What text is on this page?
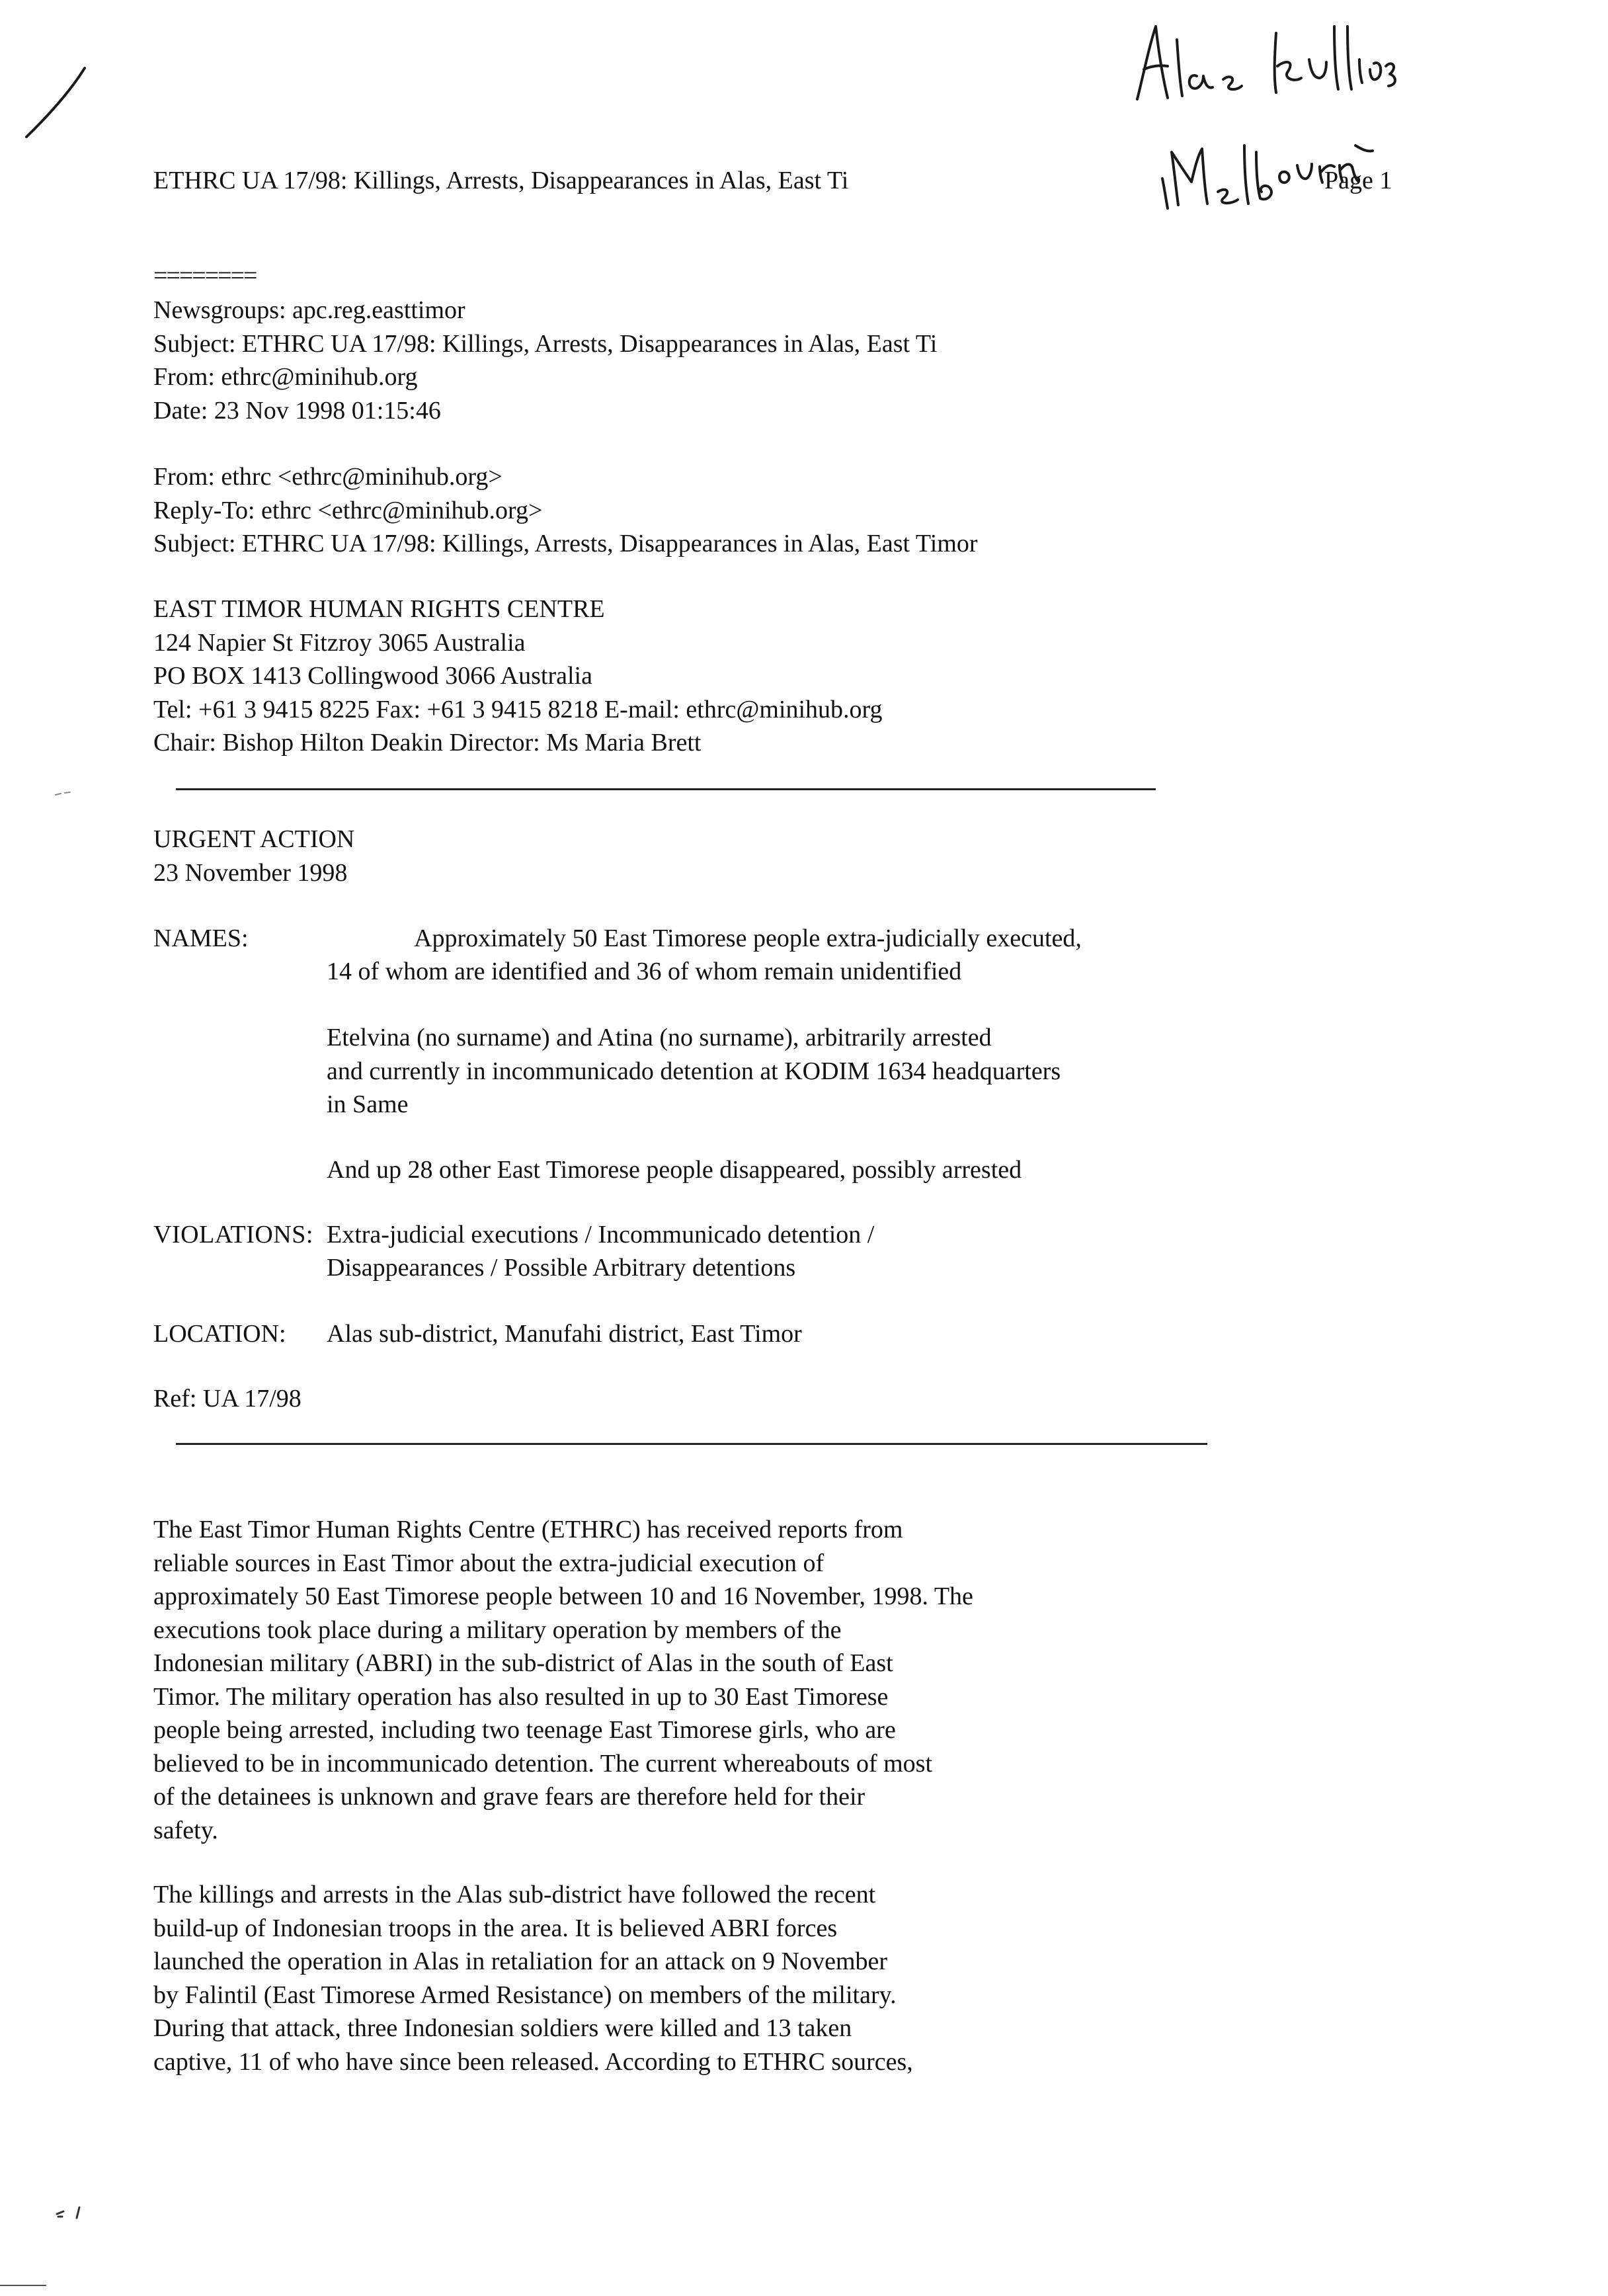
ETHRC UA 17/98: Killings, Arrests, Disappearances in Alas, East Ti	Page 1

========

Newsgroups: apc.reg.easttimor
Subject: ETHRC UA 17/98: Killings, Arrests, Disappearances in Alas, East Ti
From: ethrc@minihub.org
Date: 23 Nov 1998 01:15:46
From: ethrc <ethrc@minihub.org>
Reply-To: ethrc <ethrc@minihub.org>
Subject: ETHRC UA 17/98: Killings, Arrests, Disappearances in Alas, East Timor
EAST TIMOR HUMAN RIGHTS CENTRE
124 Napier St Fitzroy 3065 Australia
PO BOX 1413 Collingwood 3066 Australia
Tel: +61 3 9415 8225 Fax: +61 3 9415 8218 E-mail: ethrc@minihub.org
Chair: Bishop Hilton Deakin Director: Ms Maria Brett
URGENT ACTION
23 November 1998

NAMES:	Approximately 50 East Timorese people extra-judicially executed,

14 of whom are identified and 36 of whom remain unidentified

Etelvina (no surname) and Atina (no surname), arbitrarily arrested
and currently in incommunicado detention at KODIM 1634 headquarters
in Same

And up 28 other East Timorese people disappeared, possibly arrested

VIOLATIONS: Extra-judicial executions / Incommunicado detention /

Disappearances / Possible Arbitrary detentions

LOCATION: Alas sub-district, Manufahi district, East Timor

Ref: UA 17/98

The East Timor Human Rights Centre (ETHRC) has received reports from
reliable sources in East Timor about the extra-judicial execution of
approximately 50 East Timorese people between 10 and 16 November, 1998. The
executions took place during a military operation by members of the
Indonesian military (ABRI) in the sub-district of Alas in the south of East
Timor. The military operation has also resulted in up to 30 East Timorese
people being arrested, including two teenage East Timorese girls, who are
believed to be in incommunicado detention. The current whereabouts of most
of the detainees is unknown and grave fears are therefore held for their
safety.
The killings and arrests in the Alas sub-district have followed the recent
build-up of Indonesian troops in the area. It is believed ABRI forces
launched the operation in Alas in retaliation for an attack on 9 November
by Falintil (East Timorese Armed Resistance) on members of the military.
During that attack, three Indonesian soldiers were killed and 13 taken
captive, 11 of who have since been released. According to ETHRC sources,
